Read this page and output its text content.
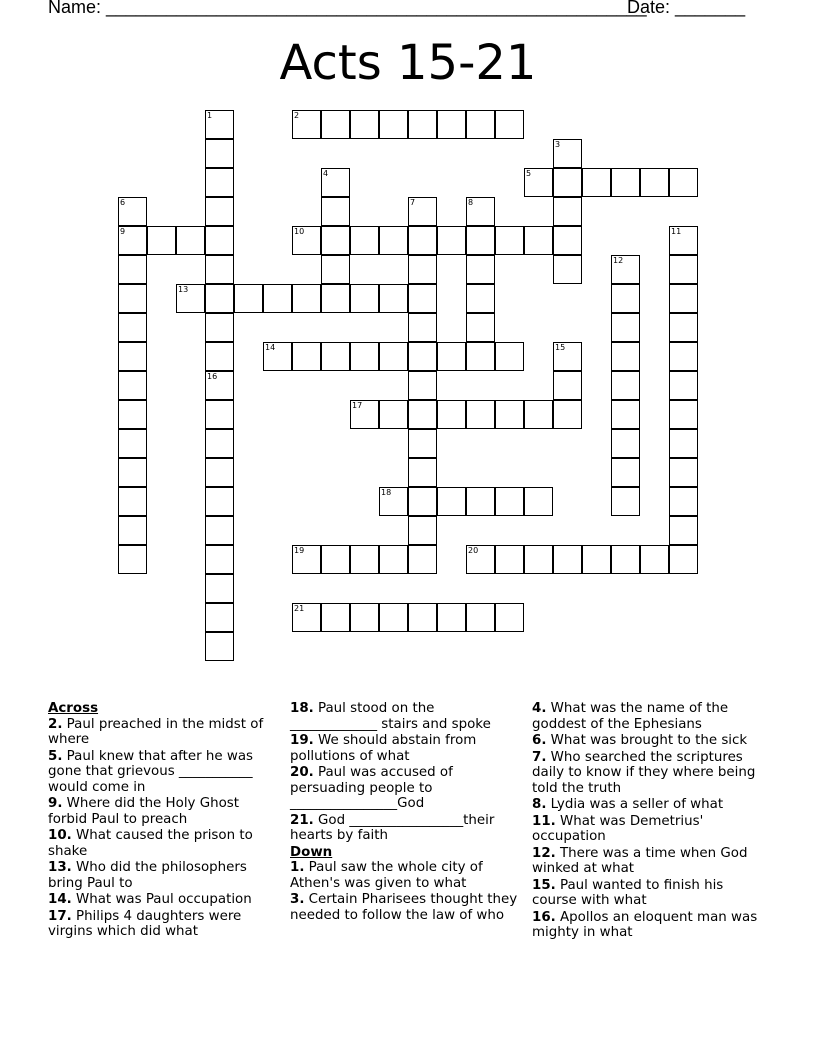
Name: ______________________________________________________
Date: _______
Acts 15-21
1	2
3
4	5
6	7	8
9	10	11
12
13
14	15
16
17
18
19	20
21
Across
2. Paul preached in the midst of where
5. Paul knew that after he was gone that grievous ___________ would come in
9. Where did the Holy Ghost forbid Paul to preach
10. What caused the prison to shake
13. Who did the philosophers bring Paul to
14. What was Paul occupation
17. Philips 4 daughters were virgins which did what
18. Paul stood on the _____________ stairs and spoke
19. We should abstain from pollutions of what
20. Paul was accused of persuading people to ________________God
21. God _________________their hearts by faith
Down
1. Paul saw the whole city of Athen's was given to what
3. Certain Pharisees thought they needed to follow the law of who
4. What was the name of the goddest of the Ephesians
6. What was brought to the sick
7. Who searched the scriptures daily to know if they where being told the truth
8. Lydia was a seller of what
11. What was Demetrius' occupation
12. There was a time when God winked at what
15. Paul wanted to finish his course with what
16. Apollos an eloquent man was mighty in what
